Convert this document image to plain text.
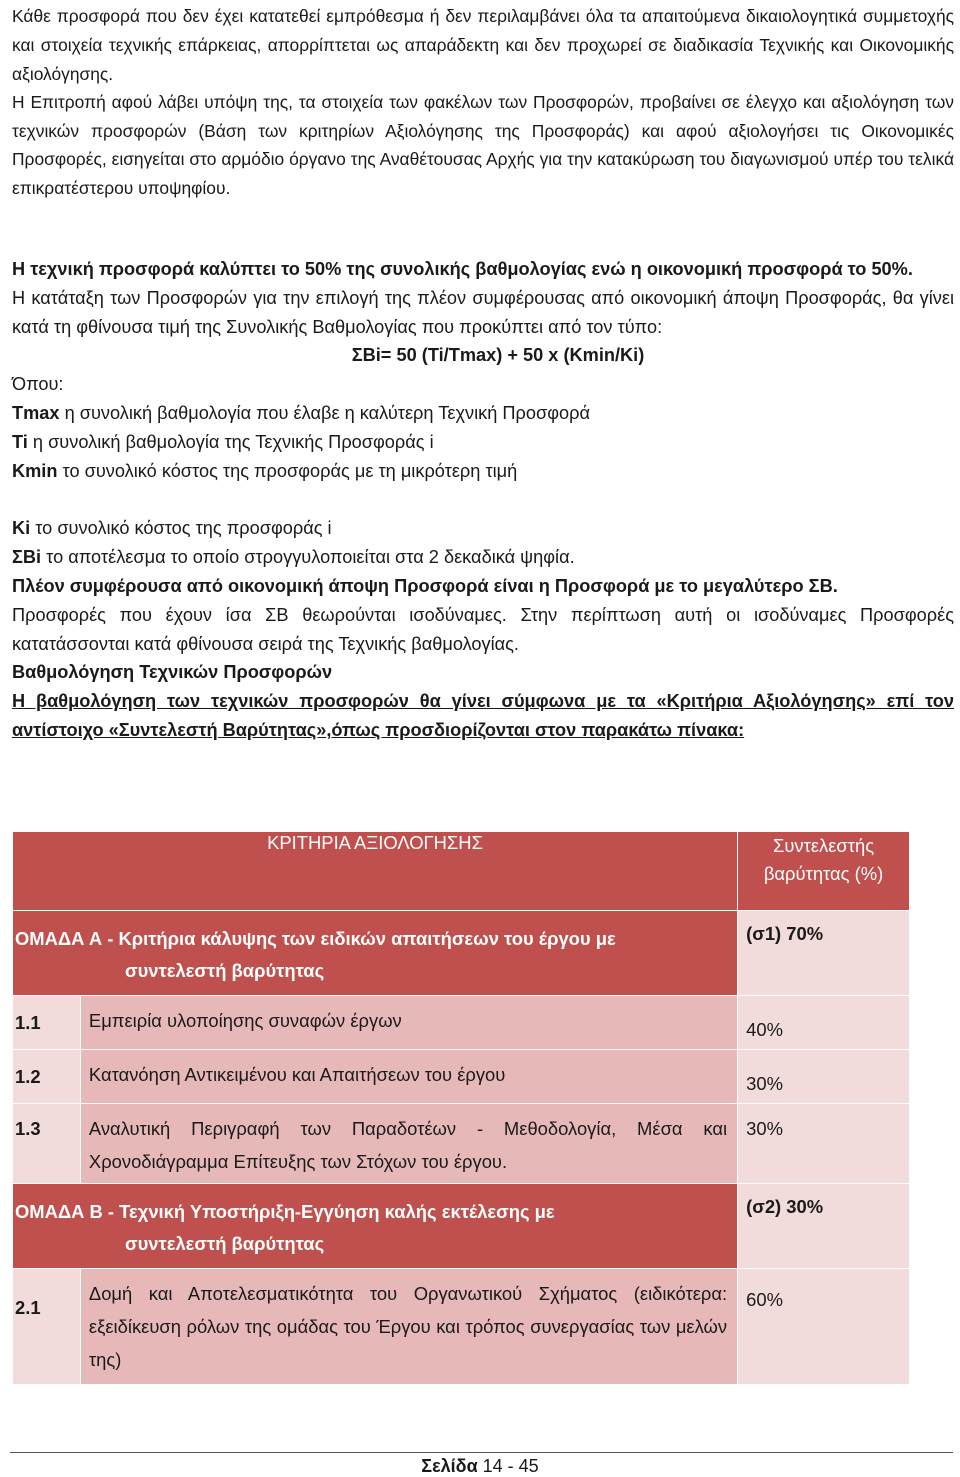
Κάθε προσφορά που δεν έχει κατατεθεί εμπρόθεσμα ή δεν περιλαμβάνει όλα τα απαιτούμενα δικαιολογητικά συμμετοχής και στοιχεία τεχνικής επάρκειας, απορρίπτεται ως απαράδεκτη και δεν προχωρεί σε διαδικασία Τεχνικής και Οικονομικής αξιολόγησης.

Η Επιτροπή αφού λάβει υπόψη της, τα στοιχεία των φακέλων των Προσφορών, προβαίνει σε έλεγχο και αξιολόγηση των τεχνικών προσφορών (Βάση των κριτηρίων Αξιολόγησης της Προσφοράς) και αφού αξιολογήσει τις Οικονομικές Προσφορές, εισηγείται στο αρμόδιο όργανο της Αναθέτουσας Αρχής για την κατακύρωση του διαγωνισμού υπέρ του τελικά επικρατέστερου υποψηφίου.

Η τεχνική προσφορά καλύπτει το 50% της συνολικής βαθμολογίας ενώ η οικονομική προσφορά το 50%.

Η κατάταξη των Προσφορών για την επιλογή της πλέον συμφέρουσας από οικονομική άποψη Προσφοράς, θα γίνει κατά τη φθίνουσα τιμή της Συνολικής Βαθμολογίας που προκύπτει από τον τύπο:

ΣΒi= 50 (Ti/Tmax) + 50 x (Kmin/Ki)

Όπου:

Tmax η συνολική βαθμολογία που έλαβε η καλύτερη Τεχνική Προσφορά

Ti η συνολική βαθμολογία της Τεχνικής Προσφοράς i

Kmin το συνολικό κόστος της προσφοράς με τη μικρότερη τιμή

Ki το συνολικό κόστος της προσφοράς i

ΣΒi το αποτέλεσμα το οποίο στρογγυλοποιείται στα 2 δεκαδικά ψηφία.

Πλέον συμφέρουσα από οικονομική άποψη Προσφορά είναι η Προσφορά με το μεγαλύτερο ΣΒ.

Προσφορές που έχουν ίσα ΣΒ θεωρούνται ισοδύναμες. Στην περίπτωση αυτή οι ισοδύναμες Προσφορές κατατάσσονται κατά φθίνουσα σειρά της Τεχνικής βαθμολογίας.

Βαθμολόγηση Τεχνικών Προσφορών

Η βαθμολόγηση των τεχνικών προσφορών θα γίνει σύμφωνα με τα «Κριτήρια Αξιολόγησης» επί τον αντίστοιχο «Συντελεστή Βαρύτητας»,όπως προσδιορίζονται στον παρακάτω πίνακα:

ΚΡΙΤΗΡΙΑ ΑΞΙΟΛΟΓΗΣΗΣ		Συντελεστής
βαρύτητας (%)
ΟΜΑΔΑ Α - Κριτήρια κάλυψης των ειδικών απαιτήσεων του έργου με
συντελεστή βαρύτητας		(σ1) 70%
1.1	Εμπειρία υλοποίησης συναφών έργων	40%
1.2	Κατανόηση Αντικειμένου και Απαιτήσεων του έργου	30%
1.3	Αναλυτική Περιγραφή των Παραδοτέων - Μεθοδολογία, Μέσα και Χρονοδιάγραμμα Επίτευξης των Στόχων του έργου.	30%
ΟΜΑΔΑ Β - Τεχνική Υποστήριξη-Εγγύηση καλής εκτέλεσης με
συντελεστή βαρύτητας		(σ2) 30%
2.1	Δομή και Αποτελεσματικότητα του Οργανωτικού Σχήματος (ειδικότερα: εξειδίκευση ρόλων της ομάδας του Έργου και τρόπος συνεργασίας των μελών της)	60%
Σελίδα 14 - 45
